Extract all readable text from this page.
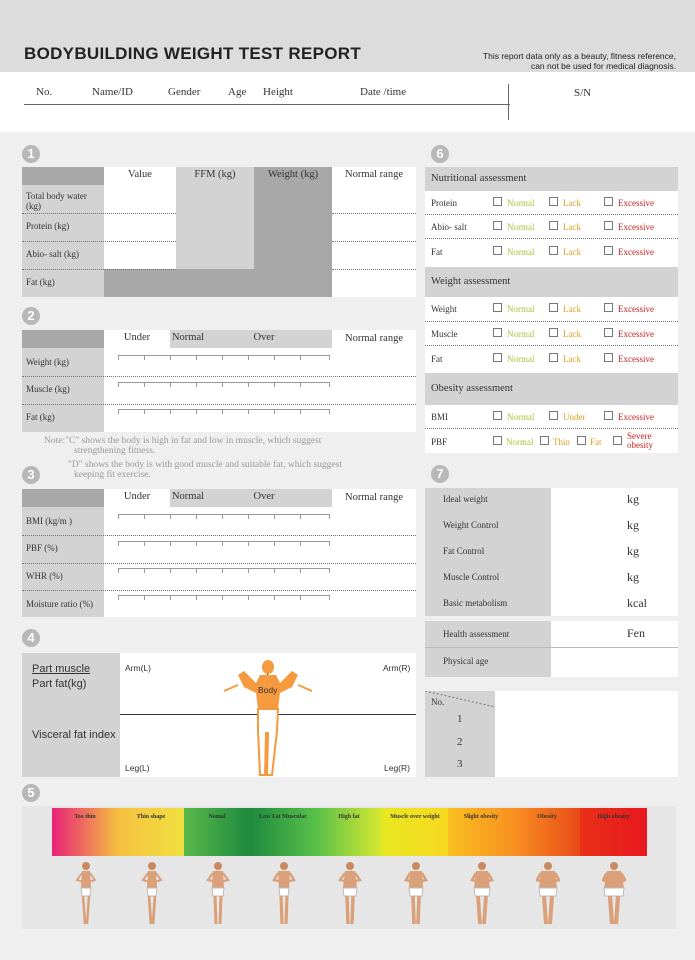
BODYBUILDING WEIGHT TEST REPORT	This report data only as a beauty, fitness reference,
can not be used for medical diagnosis.
No.	Name/ID	Gender	Age Height	Date /time	S/N
1
Value	FFM (kg)	Weight (kg)	Normal range
Total body water (kg)
Protein (kg)
Abio- salt (kg)
Fat (kg)
2
Under	Normal	Over	Normal range
Weight (kg)
Muscle (kg)
Fat (kg)
Note:"C" shows the body is high in fat and low in muscle, which suggest
strengthening fitness.
"D" shows the body is with good muscle and suitable fat, which suggest
keeping fit exercise.
3
Under	Normal	Over	Normal range
BMI (kg/m )
PBF (%)
WHR (%)
Moisture ratio (%)
4
Part muscle
Part fat(kg)
Visceral fat index
Arm(L)	Arm(R)
Leg(L)	Leg(R)
Body
5
Too thin	Thin shape	Nomal	Low Fat Muscular	High fat	Muscle over weight	Slight obesity	Obesity	High obesity
6
Nutritional assessment
Protein	Normal	Lack	Excessive
Abio- salt	Normal	Lack	Excessive
Fat	Normal	Lack	Excessive
Weight assessment
Weight	Normal	Lack	Excessive
Muscle	Normal	Lack	Excessive
Fat	Normal	Lack	Excessive
Obesity assessment
BMI	Normal	Under	Excessive
PBF	Normal Thin Fat
Severe
obesity
7
Ideal weight	kg
Weight Control	kg
Fat Control	kg
Muscle Control	kg
Basic metabolism	kcal
Health assessment	Fen
Physical age
No.
1
2
3
